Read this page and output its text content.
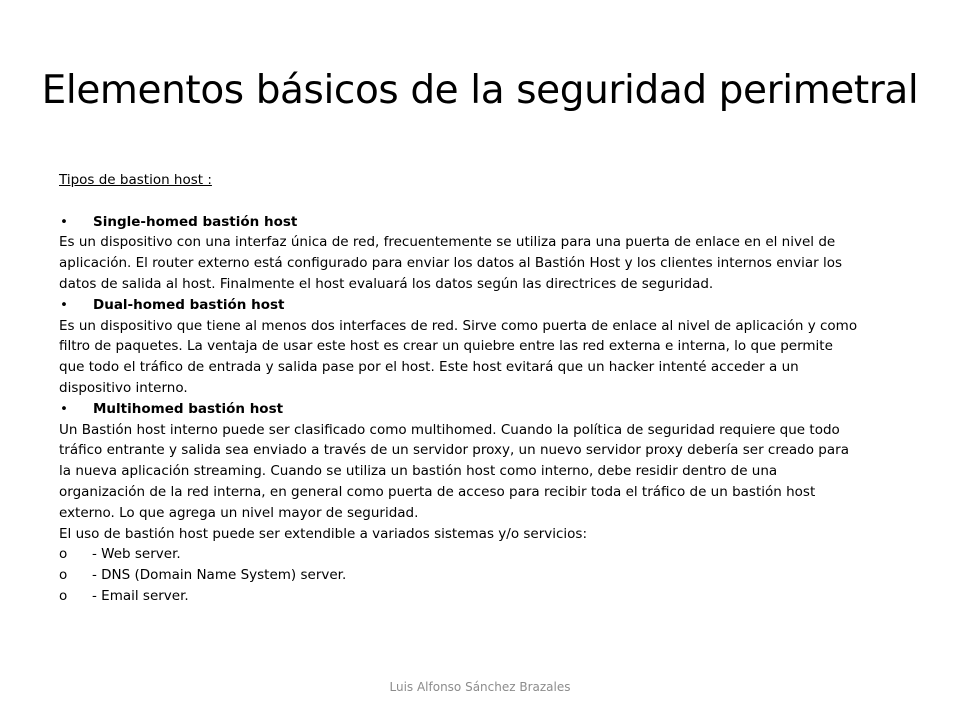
Elementos básicos de la seguridad perimetral
Tipos de bastion host :
•	Single-homed bastión host
Es un dispositivo con una interfaz única de red, frecuentemente se utiliza para una puerta de enlace en el nivel de
aplicación. El router externo está configurado para enviar los datos al Bastión Host y los clientes internos enviar los
datos de salida al host. Finalmente el host evaluará los datos según las directrices de seguridad.
•	Dual-homed bastión host
Es un dispositivo que tiene al menos dos interfaces de red. Sirve como puerta de enlace al nivel de aplicación y como
filtro de paquetes. La ventaja de usar este host es crear un quiebre entre las red externa e interna, lo que permite
que todo el tráfico de entrada y salida pase por el host. Este host evitará que un hacker intenté acceder a un
dispositivo interno.
•	Multihomed bastión host
Un Bastión host interno puede ser clasificado como multihomed. Cuando la política de seguridad requiere que todo
tráfico entrante y salida sea enviado a través de un servidor proxy, un nuevo servidor proxy debería ser creado para
la nueva aplicación streaming. Cuando se utiliza un bastión host como interno, debe residir dentro de una
organización de la red interna, en general como puerta de acceso para recibir toda el tráfico de un bastión host
externo. Lo que agrega un nivel mayor de seguridad.
El uso de bastión host puede ser extendible a variados sistemas y/o servicios:
o	- Web server.
o	- DNS (Domain Name System) server.
o	- Email server.
Luis Alfonso Sánchez Brazales
